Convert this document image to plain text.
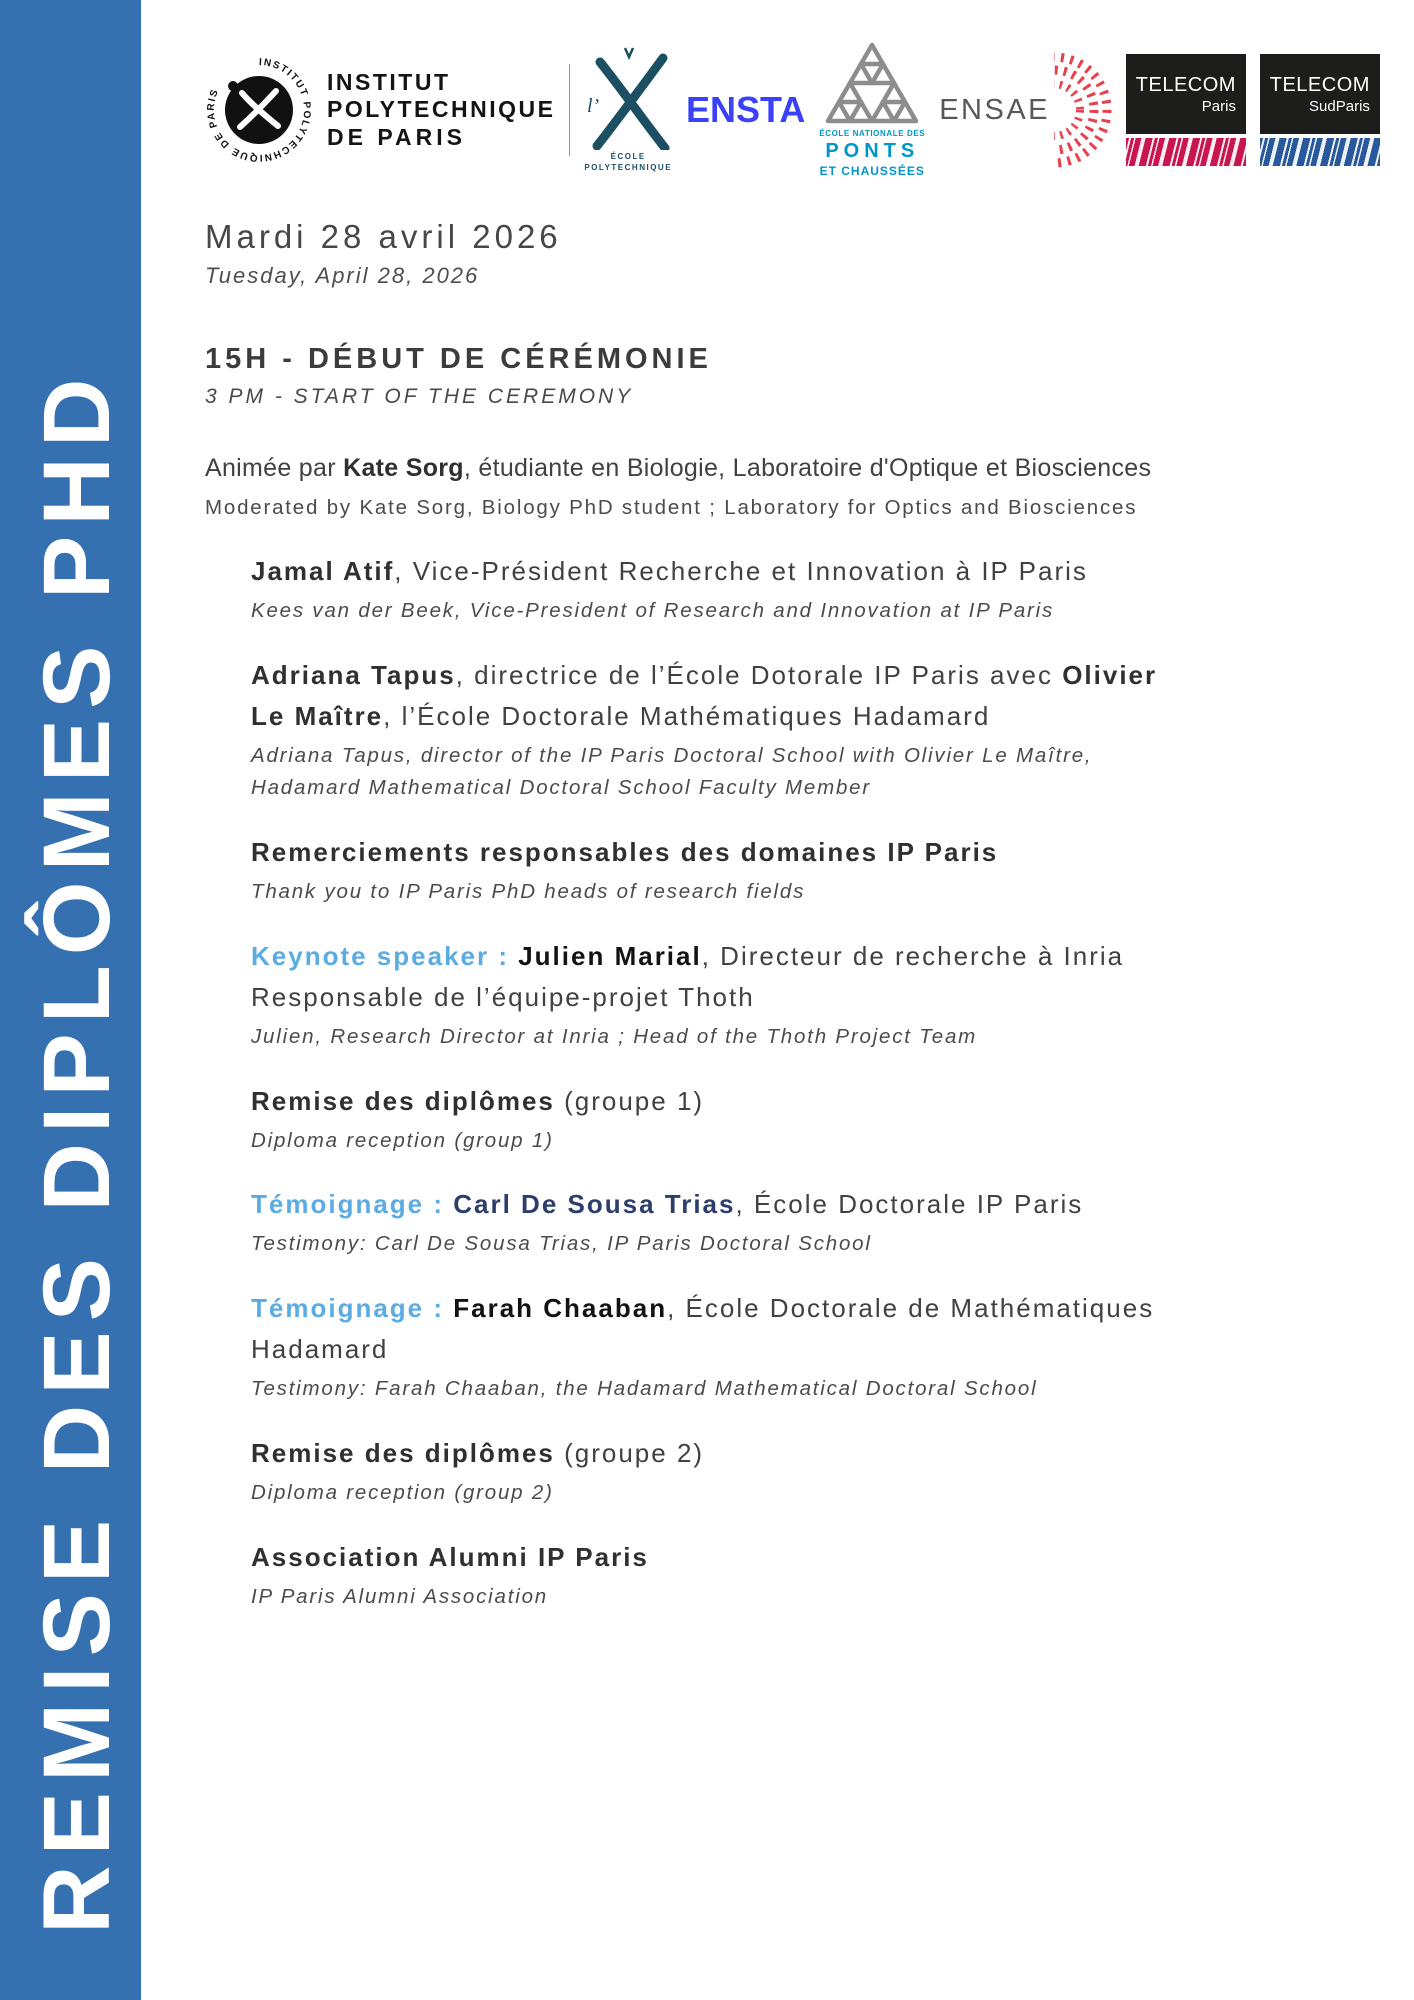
REMISE DES DIPLÔMES PHD
INSTITUT POLYTECHNIQUE DE PARIS	INSTITUT
POLYTECHNIQUE
DE PARIS
l’
ÉCOLE
POLYTECHNIQUE
ENSTA
ÉCOLE NATIONALE DES
PONTS
ET CHAUSSÉES
ENSAE
TELECOM
Paris
TELECOM
SudParis
Mardi 28 avril 2026
Tuesday, April 28, 2026
15H - DÉBUT DE CÉRÉMONIE
3 PM - START OF THE CEREMONY
Animée par Kate Sorg, étudiante en Biologie, Laboratoire d'Optique et Biosciences
Moderated by Kate Sorg, Biology PhD student ; Laboratory for Optics and Biosciences
Jamal Atif, Vice-Président Recherche et Innovation à IP Paris
Kees van der Beek, Vice-President of Research and Innovation at IP Paris
Adriana Tapus, directrice de l’École Dotorale IP Paris avec Olivier
Le Maître, l’École Doctorale Mathématiques Hadamard
Adriana Tapus, director of the IP Paris Doctoral School with Olivier Le Maître,
Hadamard Mathematical Doctoral School Faculty Member
Remerciements responsables des domaines IP Paris
Thank you to IP Paris PhD heads of research fields
Keynote speaker : Julien Marial, Directeur de recherche à Inria
Responsable de l’équipe-projet Thoth
Julien, Research Director at Inria ; Head of the Thoth Project Team
Remise des diplômes (groupe 1)
Diploma reception (group 1)
Témoignage : Carl De Sousa Trias, École Doctorale IP Paris
Testimony: Carl De Sousa Trias, IP Paris Doctoral School
Témoignage : Farah Chaaban, École Doctorale de Mathématiques
Hadamard
Testimony: Farah Chaaban, the Hadamard Mathematical Doctoral School
Remise des diplômes (groupe 2)
Diploma reception (group 2)
Association Alumni IP Paris
IP Paris Alumni Association
